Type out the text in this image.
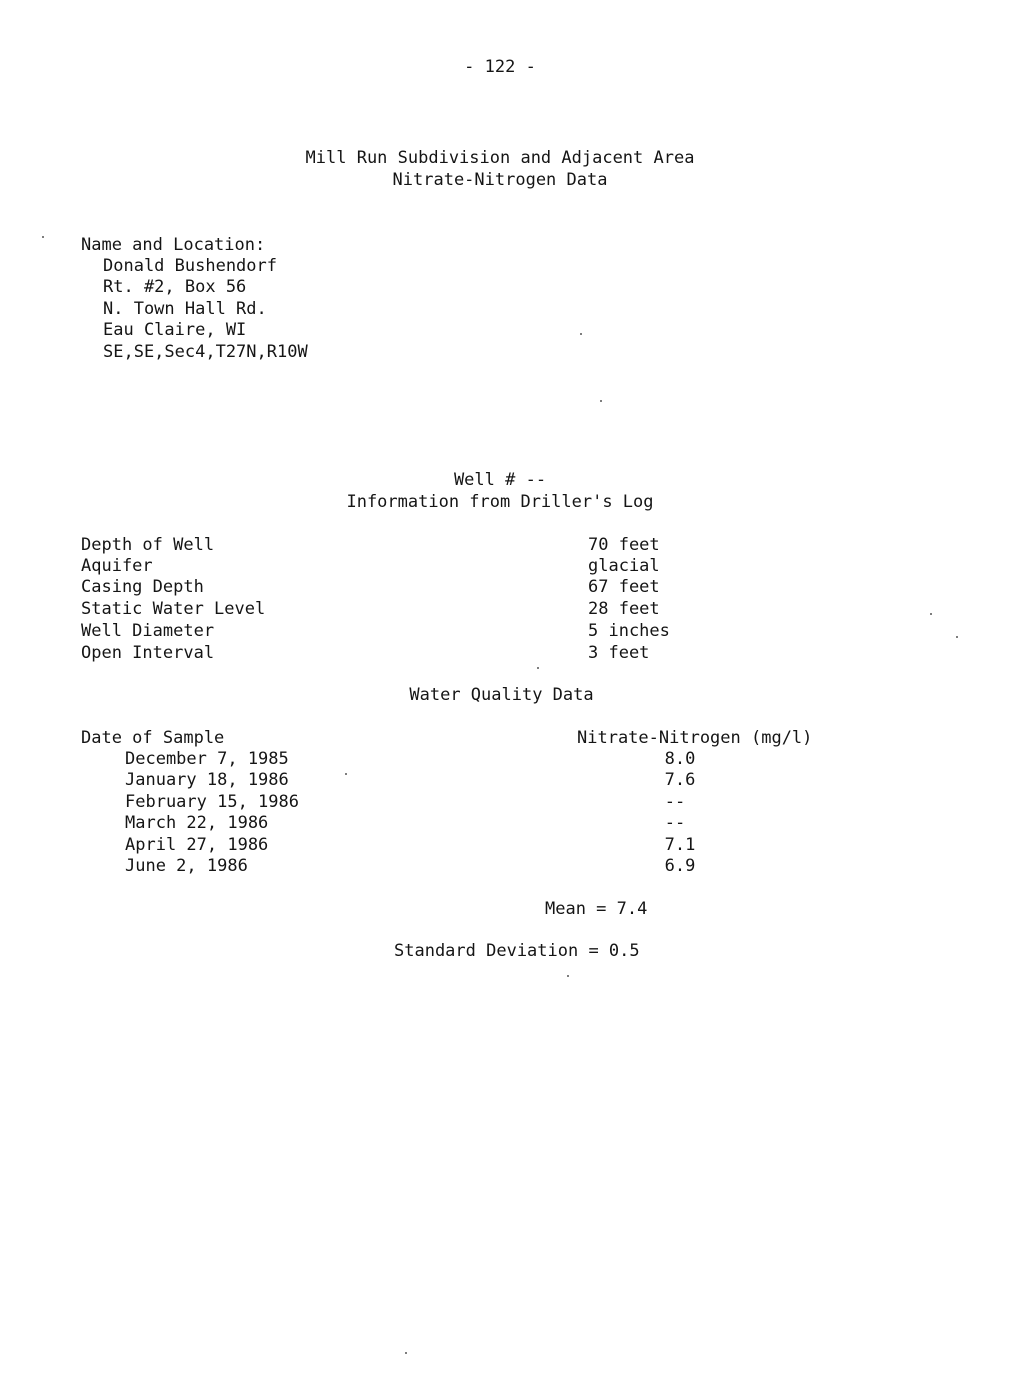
- 122 -
Mill Run Subdivision and Adjacent Area
Nitrate-Nitrogen Data
Name and Location:
Donald Bushendorf
Rt. #2, Box 56
N. Town Hall Rd.
Eau Claire, WI
SE,SE,Sec4,T27N,R10W
Well # --
Information from Driller's Log
Depth of Well	70 feet
Aquifer	glacial
Casing Depth	67 feet
Static Water Level	28 feet
Well Diameter	5 inches
Open Interval	3 feet
Water Quality Data
Date of Sample	Nitrate-Nitrogen (mg/l)
December 7, 1985	8.0
January 18, 1986	7.6
February 15, 1986	--
March 22, 1986	--
April 27, 1986	7.1
June 2, 1986	6.9
Mean = 7.4
Standard Deviation = 0.5
